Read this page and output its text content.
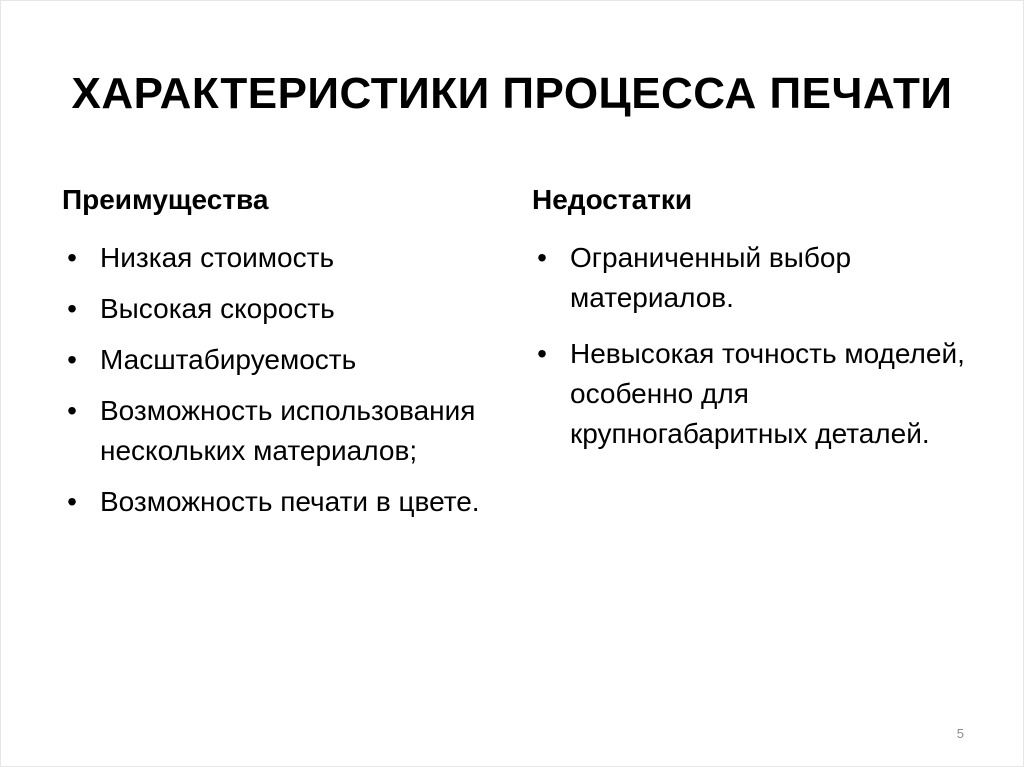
ХАРАКТЕРИСТИКИ ПРОЦЕССА ПЕЧАТИ
Преимущества
• Низкая стоимость
• Высокая скорость
• Масштабируемость
• Возможность использования нескольких материалов;
• Возможность печати в цвете.
Недостатки
• Ограниченный выбор материалов.
• Невысокая точность моделей, особенно для крупногабаритных деталей.
5
